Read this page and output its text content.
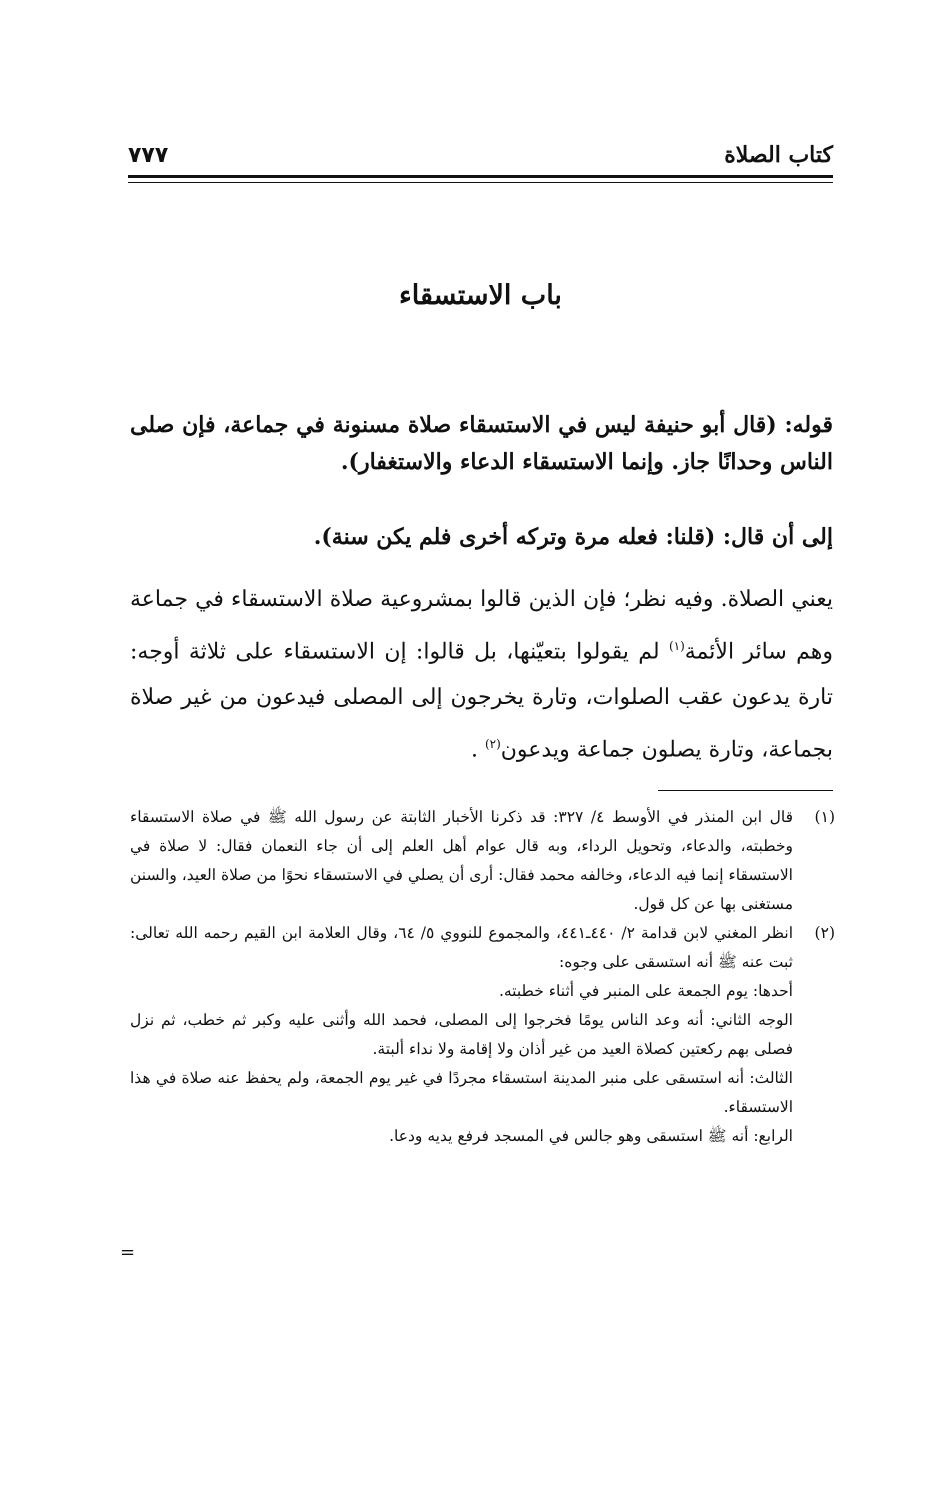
كتاب الصلاة
٧٧٧
باب الاستسقاء
قوله: (قال أبو حنيفة ليس في الاستسقاء صلاة مسنونة في جماعة، فإن صلى الناس وحدانًا جاز. وإنما الاستسقاء الدعاء والاستغفار).
إلى أن قال: (قلنا: فعله مرة وتركه أخرى فلم يكن سنة).
يعني الصلاة. وفيه نظر؛ فإن الذين قالوا بمشروعية صلاة الاستسقاء في جماعة وهم سائر الأئمة$^{(١)}$ لم يقولوا بتعيّنها، بل قالوا: إن الاستسقاء على ثلاثة أوجه: تارة يدعون عقب الصلوات، وتارة يخرجون إلى المصلى فيدعون من غير صلاة بجماعة، وتارة يصلون جماعة ويدعون$^{(٢)}$ .
(١)
قال ابن المنذر في الأوسط ٤/ ٣٢٧: قد ذكرنا الأخبار الثابتة عن رسول الله ﷺ في صلاة الاستسقاء وخطبته، والدعاء، وتحويل الرداء، وبه قال عوام أهل العلم إلى أن جاء النعمان فقال: لا صلاة في الاستسقاء إنما فيه الدعاء، وخالفه محمد فقال: أرى أن يصلي في الاستسقاء نحوًا من صلاة العيد، والسنن مستغنى بها عن كل قول.
(٢)
انظر المغني لابن قدامة ٢/ ٤٤٠ـ٤٤١، والمجموع للنووي ٥/ ٦٤، وقال العلامة ابن القيم رحمه الله تعالى: ثبت عنه ﷺ أنه استسقى على وجوه:
أحدها: يوم الجمعة على المنبر في أثناء خطبته.
الوجه الثاني: أنه وعد الناس يومًا فخرجوا إلى المصلى، فحمد الله وأثنى عليه وكبر ثم خطب، ثم نزل فصلى بهم ركعتين كصلاة العيد من غير أذان ولا إقامة ولا نداء ألبتة.
الثالث: أنه استسقى على منبر المدينة استسقاء مجردًا في غير يوم الجمعة، ولم يحفظ عنه صلاة في هذا الاستسقاء.
الرابع: أنه ﷺ استسقى وهو جالس في المسجد فرفع يديه ودعا.
=
